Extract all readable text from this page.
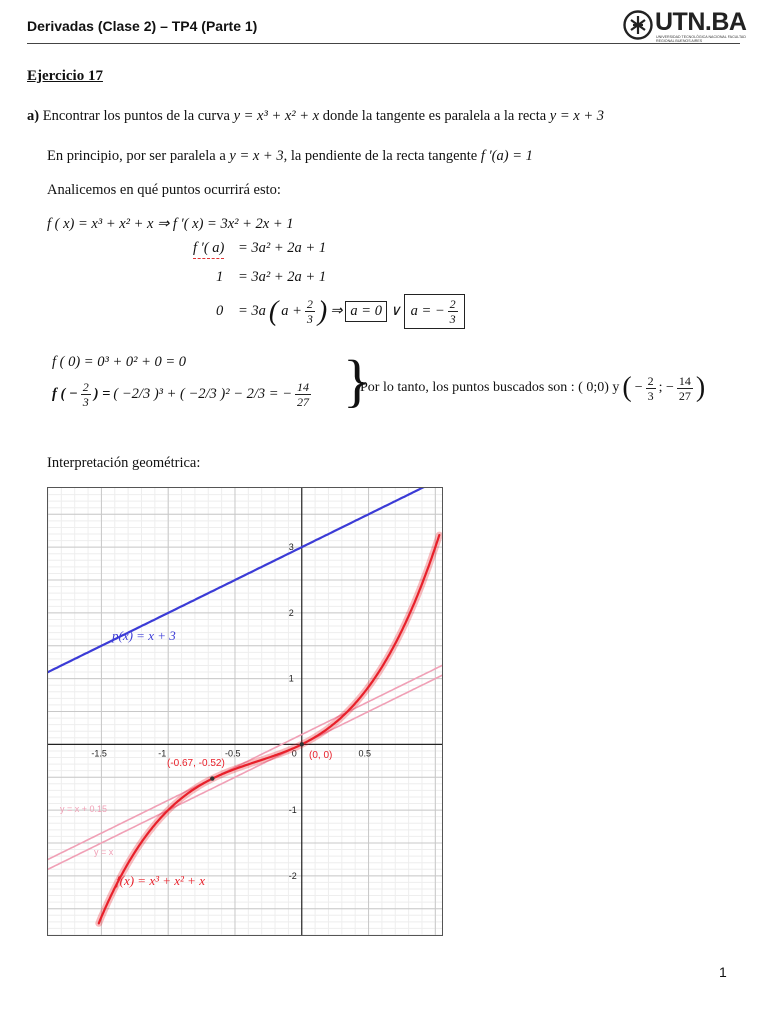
Derivadas (Clase 2) – TP4 (Parte 1)	UTN.BA
UNIVERSIDAD TECNOLÓGICA NACIONAL FACULTAD REGIONAL BUENOS AIRES
Ejercicio 17
a) Encontrar los puntos de la curva y = x³ + x² + x donde la tangente es paralela a la recta y = x + 3
En principio, por ser paralela a y = x + 3, la pendiente de la recta tangente f ′(a) = 1
Analicemos en qué puntos ocurrirá esto:
f ( x) = x³ + x² + x ⇒ f ′( x) = 3x² + 2x + 1
f ′( a) = 3a² + 2a + 1
1 = 3a² + 2a + 1
0 = 3a ( $a + \frac{2}{3}$ ) ⇒ a = 0 ∨ a = − $\frac{2}{3}$
f ( 0) = 0³ + 0² + 0 = 0
f ( − $\frac{2}{3}$ ) = ( −2/3 )³ + ( −2/3 )² − 2/3 = − $\frac{14}{27}$ }
Por lo tanto, los puntos buscados son : ( 0;0) y ( − $\frac{2}{3}$ ; − $\frac{14}{27}$ )
Interpretación geométrica:
-1.5	-1	-0.5	0	0.5
3
2
1
-1
-2
p(x) = x + 3
f(x) = x³ + x² + x
y = x
y = x + 0.15
(-0.67, -0.52)
(0, 0)
1
